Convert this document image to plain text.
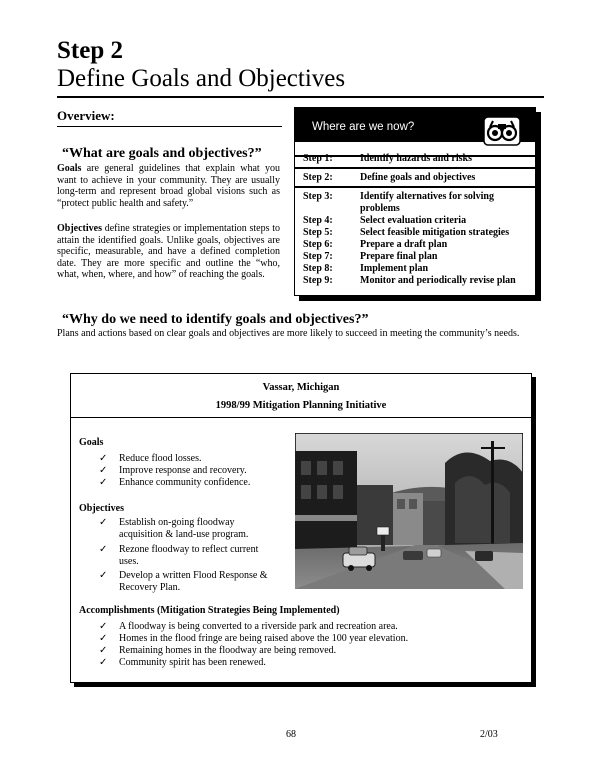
Step 2
Define Goals and Objectives
Overview:
“What are goals and objectives?”
Goals are general guidelines that explain what you want to achieve in your community. They are usually long-term and represent broad global visions such as “protect public health and safety.”
Objectives define strategies or implementation steps to attain the identified goals. Unlike goals, objectives are specific, measurable, and have a defined completion date. They are more specific and outline the “who, what, when, where, and how” of reaching the goals.
Where are we now?
Step 1:	Identify hazards and risks
Step 2:	Define goals and objectives
Step 3:	Identify alternatives for solving problems
Step 4:	Select evaluation criteria
Step 5:	Select feasible mitigation strategies
Step 6:	Prepare a draft plan
Step 7:	Prepare final plan
Step 8:	Implement plan
Step 9:	Monitor and periodically revise plan
“Why do we need to identify goals and objectives?”
Plans and actions based on clear goals and objectives are more likely to succeed in meeting the community’s needs.
Vassar, Michigan
1998/99 Mitigation Planning Initiative
Goals
✓	Reduce flood losses.
✓	Improve response and recovery.
✓	Enhance community confidence.
Objectives
✓	Establish on-going floodway
acquisition & land-use program.
✓	Rezone floodway to reflect current
uses.
✓	Develop a written Flood Response &
Recovery Plan.
Accomplishments (Mitigation Strategies Being Implemented)
✓	A floodway is being converted to a riverside park and recreation area.
✓	Homes in the flood fringe are being raised above the 100 year elevation.
✓	Remaining homes in the floodway are being removed.
✓	Community spirit has been renewed.
68	2/03
